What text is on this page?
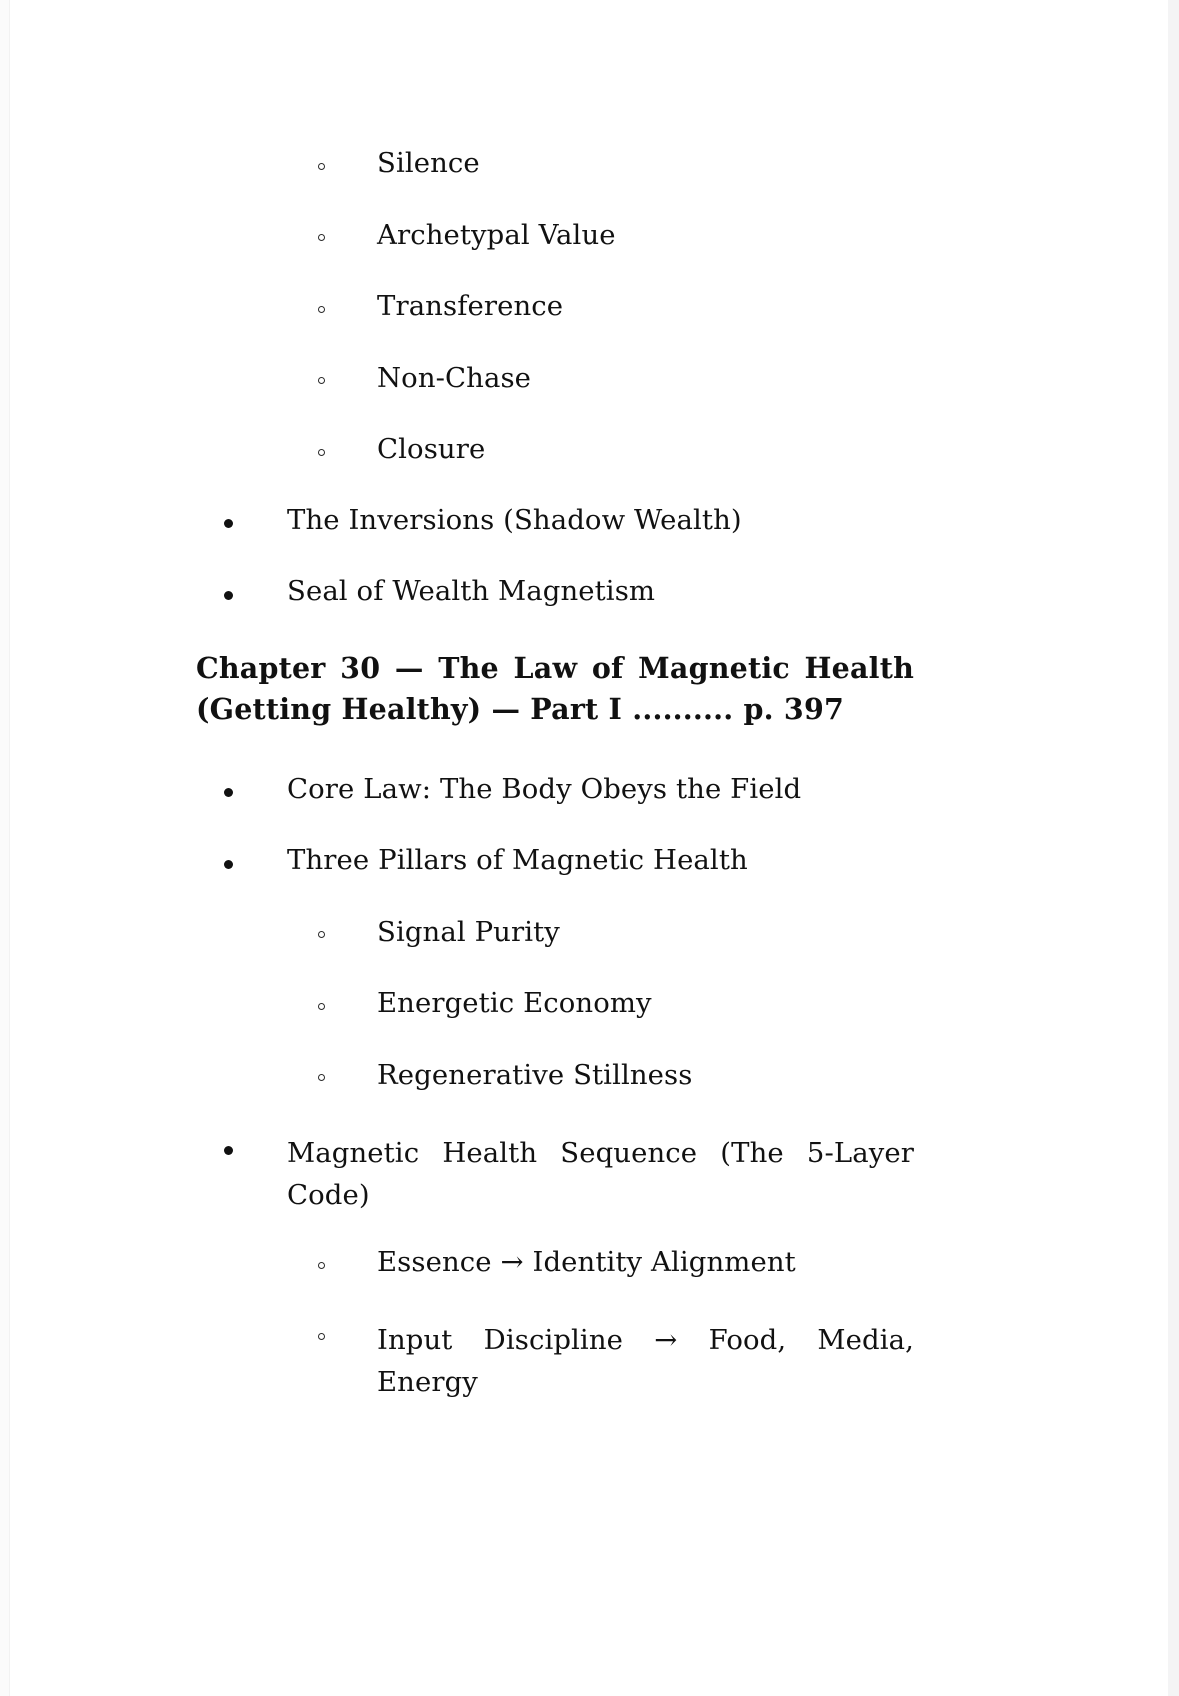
Silence
Archetypal Value
Transference
Non-Chase
Closure
The Inversions (Shadow Wealth)
Seal of Wealth Magnetism
Chapter 30 — The Law of Magnetic Health (Getting Healthy) — Part I .......... p. 397
Core Law: The Body Obeys the Field
Three Pillars of Magnetic Health
Signal Purity
Energetic Economy
Regenerative Stillness
Magnetic Health Sequence (The 5-Layer Code)
Essence → Identity Alignment
Input Discipline → Food, Media, Energy
